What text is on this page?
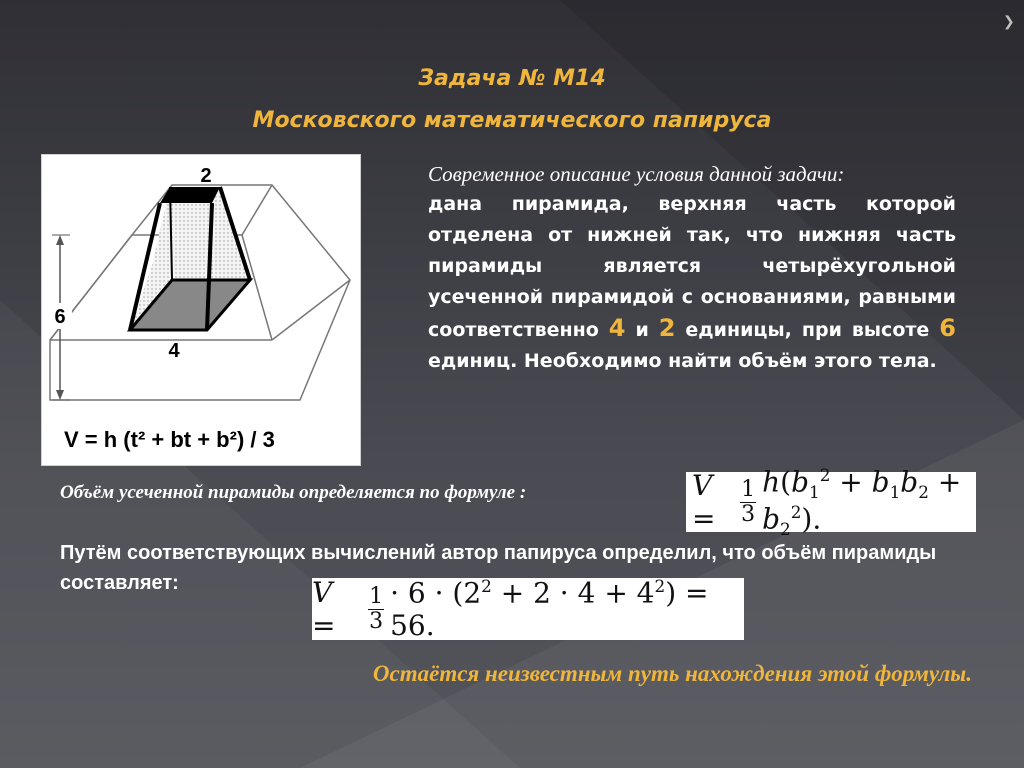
❯
Задача № М14
Московского математического папируса
2
4
6
V = h (t² + bt + b²) / 3
Современное описание условия данной задачи:
дана пирамида, верхняя часть которой отделена от нижней так, что нижняя часть пирамиды является четырёхугольной усеченной пирамидой с основаниями, равными соответственно 4 и 2 единицы, при высоте 6 единиц. Необходимо найти объём этого тела.
Объём усеченной пирамиды определяется по формуле :	V =	$\frac{1}{3} h(b_1^2 + b_1b_2 + b_2^2)$.
Путём соответствующих вычислений автор папируса определил, что объём пирамиды составляет:	V =	$\frac{1}{3} \cdot 6 \cdot (2^2 + 2 \cdot 4 + 4^2) = 56$.
Остаётся неизвестным путь нахождения этой формулы.
